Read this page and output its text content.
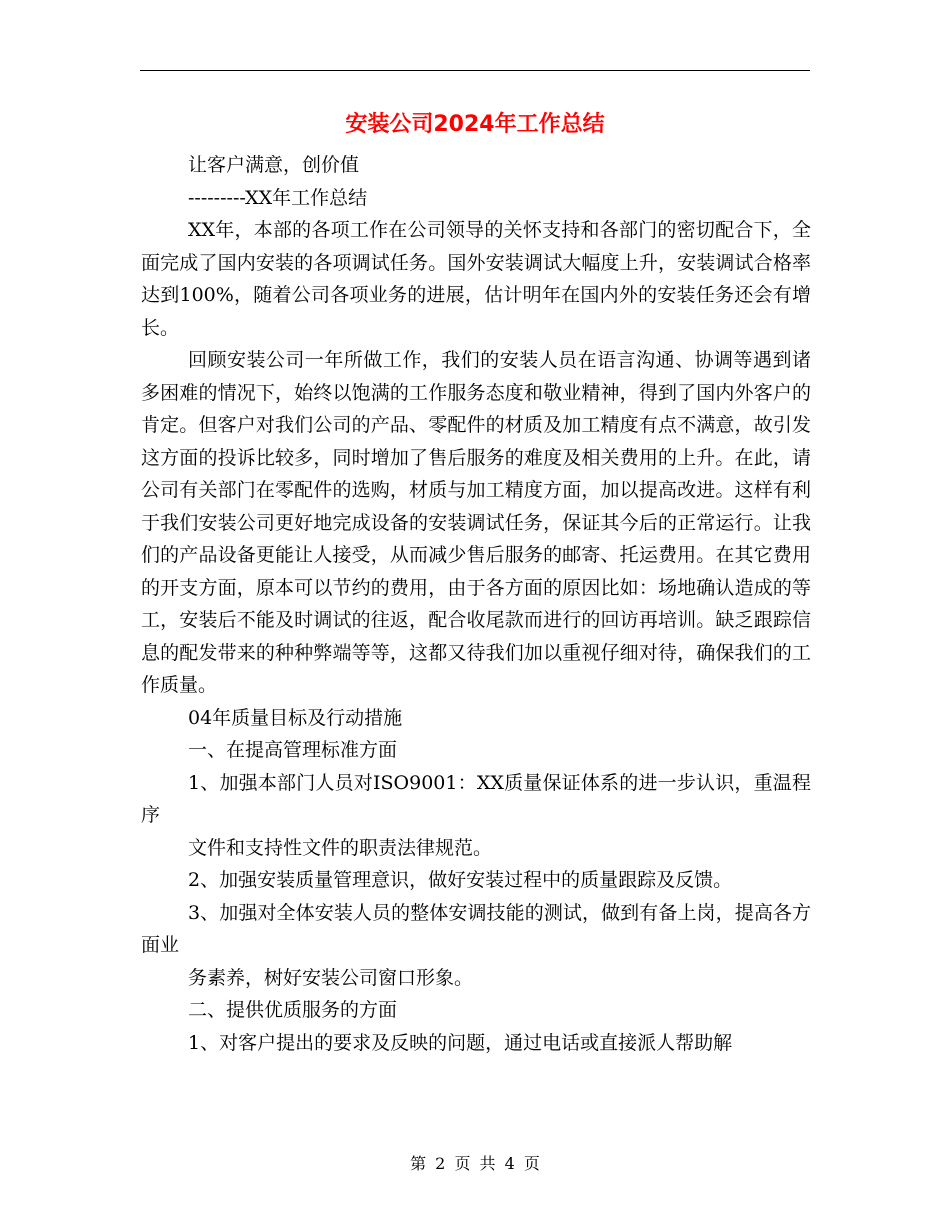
安装公司2024年工作总结

让客户满意，创价值

---------XX年工作总结

XX年，本部的各项工作在公司领导的关怀支持和各部门的密切配合下，全面完成了国内安装的各项调试任务。国外安装调试大幅度上升，安装调试合格率达到100%，随着公司各项业务的进展，估计明年在国内外的安装任务还会有增长。

回顾安装公司一年所做工作，我们的安装人员在语言沟通、协调等遇到诸多困难的情况下，始终以饱满的工作服务态度和敬业精神，得到了国内外客户的肯定。但客户对我们公司的产品、零配件的材质及加工精度有点不满意，故引发这方面的投诉比较多，同时增加了售后服务的难度及相关费用的上升。在此，请公司有关部门在零配件的选购，材质与加工精度方面，加以提高改进。这样有利于我们安装公司更好地完成设备的安装调试任务，保证其今后的正常运行。让我们的产品设备更能让人接受，从而减少售后服务的邮寄、托运费用。在其它费用的开支方面，原本可以节约的费用，由于各方面的原因比如：场地确认造成的等工，安装后不能及时调试的往返，配合收尾款而进行的回访再培训。缺乏跟踪信息的配发带来的种种弊端等等，这都又待我们加以重视仔细对待，确保我们的工作质量。

04年质量目标及行动措施

一、在提高管理标准方面

1、加强本部门人员对ISO9001：XX质量保证体系的进一步认识，重温程序

文件和支持性文件的职责法律规范。

2、加强安装质量管理意识，做好安装过程中的质量跟踪及反馈。

3、加强对全体安装人员的整体安调技能的测试，做到有备上岗，提高各方面业

务素养，树好安装公司窗口形象。

二、提供优质服务的方面

1、对客户提出的要求及反映的问题，通过电话或直接派人帮助解

第 2 页 共 4 页
